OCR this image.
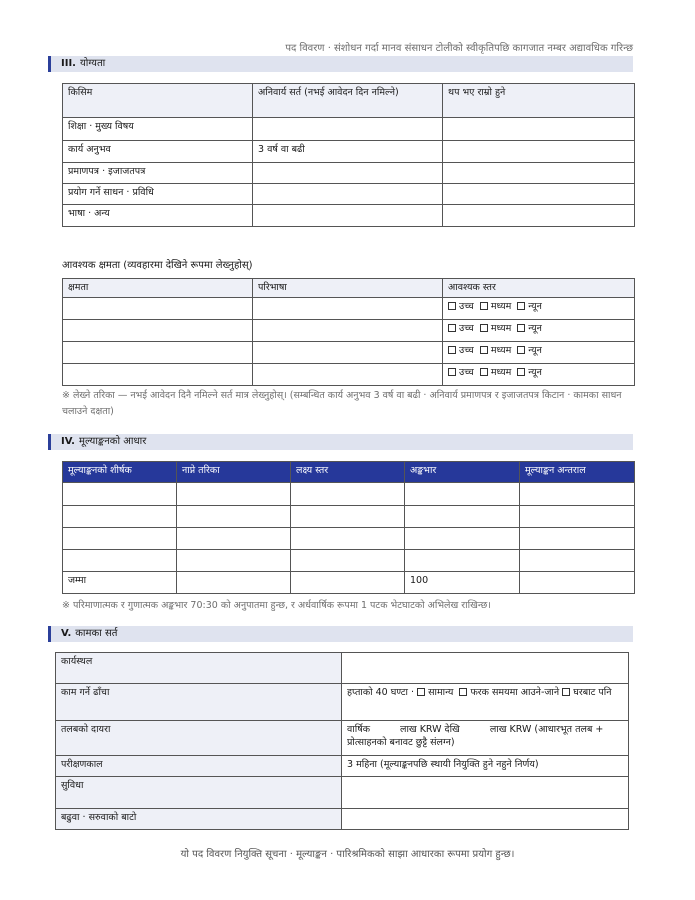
पद विवरण · संशोधन गर्दा मानव संसाधन टोलीको स्वीकृतिपछि कागजात नम्बर अद्यावधिक गरिन्छ
III. योग्यता
किसिम	अनिवार्य सर्त (नभई आवेदन दिन नमिल्ने)	थप भए राम्रो हुने
शिक्षा · मुख्य विषय		
कार्य अनुभव	3 वर्ष वा बढी	
प्रमाणपत्र · इजाजतपत्र		
प्रयोग गर्ने साधन · प्रविधि		
भाषा · अन्य		
आवश्यक क्षमता (व्यवहारमा देखिने रूपमा लेख्नुहोस्)
क्षमता	परिभाषा	आवश्यक स्तर
		उच्च मध्यम न्यून
		उच्च मध्यम न्यून
		उच्च मध्यम न्यून
		उच्च मध्यम न्यून
※ लेख्ने तरिका — नभई आवेदन दिनै नमिल्ने सर्त मात्र लेख्नुहोस्। (सम्बन्धित कार्य अनुभव 3 वर्ष वा बढी · अनिवार्य प्रमाणपत्र र इजाजतपत्र किटान · कामका साधन चलाउने दक्षता)
IV. मूल्याङ्कनको आधार
मूल्याङ्कनको शीर्षक	नाप्ने तरिका	लक्ष्य स्तर	अङ्कभार	मूल्याङ्कन अन्तराल

जम्मा			100	
※ परिमाणात्मक र गुणात्मक अङ्कभार 70:30 को अनुपातमा हुन्छ, र अर्धवार्षिक रूपमा 1 पटक भेटघाटको अभिलेख राखिन्छ।
V. कामका सर्त
कार्यस्थल	
काम गर्ने ढाँचा	हप्ताको 40 घण्टा · सामान्य फरक समयमा आउने-जाने घरबाट पनि
तलबको दायरा	वार्षिक लाख KRW देखि लाख KRW (आधारभूत तलब + प्रोत्साहनको बनावट छुट्टै संलग्न)
परीक्षणकाल	3 महिना (मूल्याङ्कनपछि स्थायी नियुक्ति हुने नहुने निर्णय)
सुविधा	
बढुवा · सरुवाको बाटो	
यो पद विवरण नियुक्ति सूचना · मूल्याङ्कन · पारिश्रमिकको साझा आधारका रूपमा प्रयोग हुन्छ।
